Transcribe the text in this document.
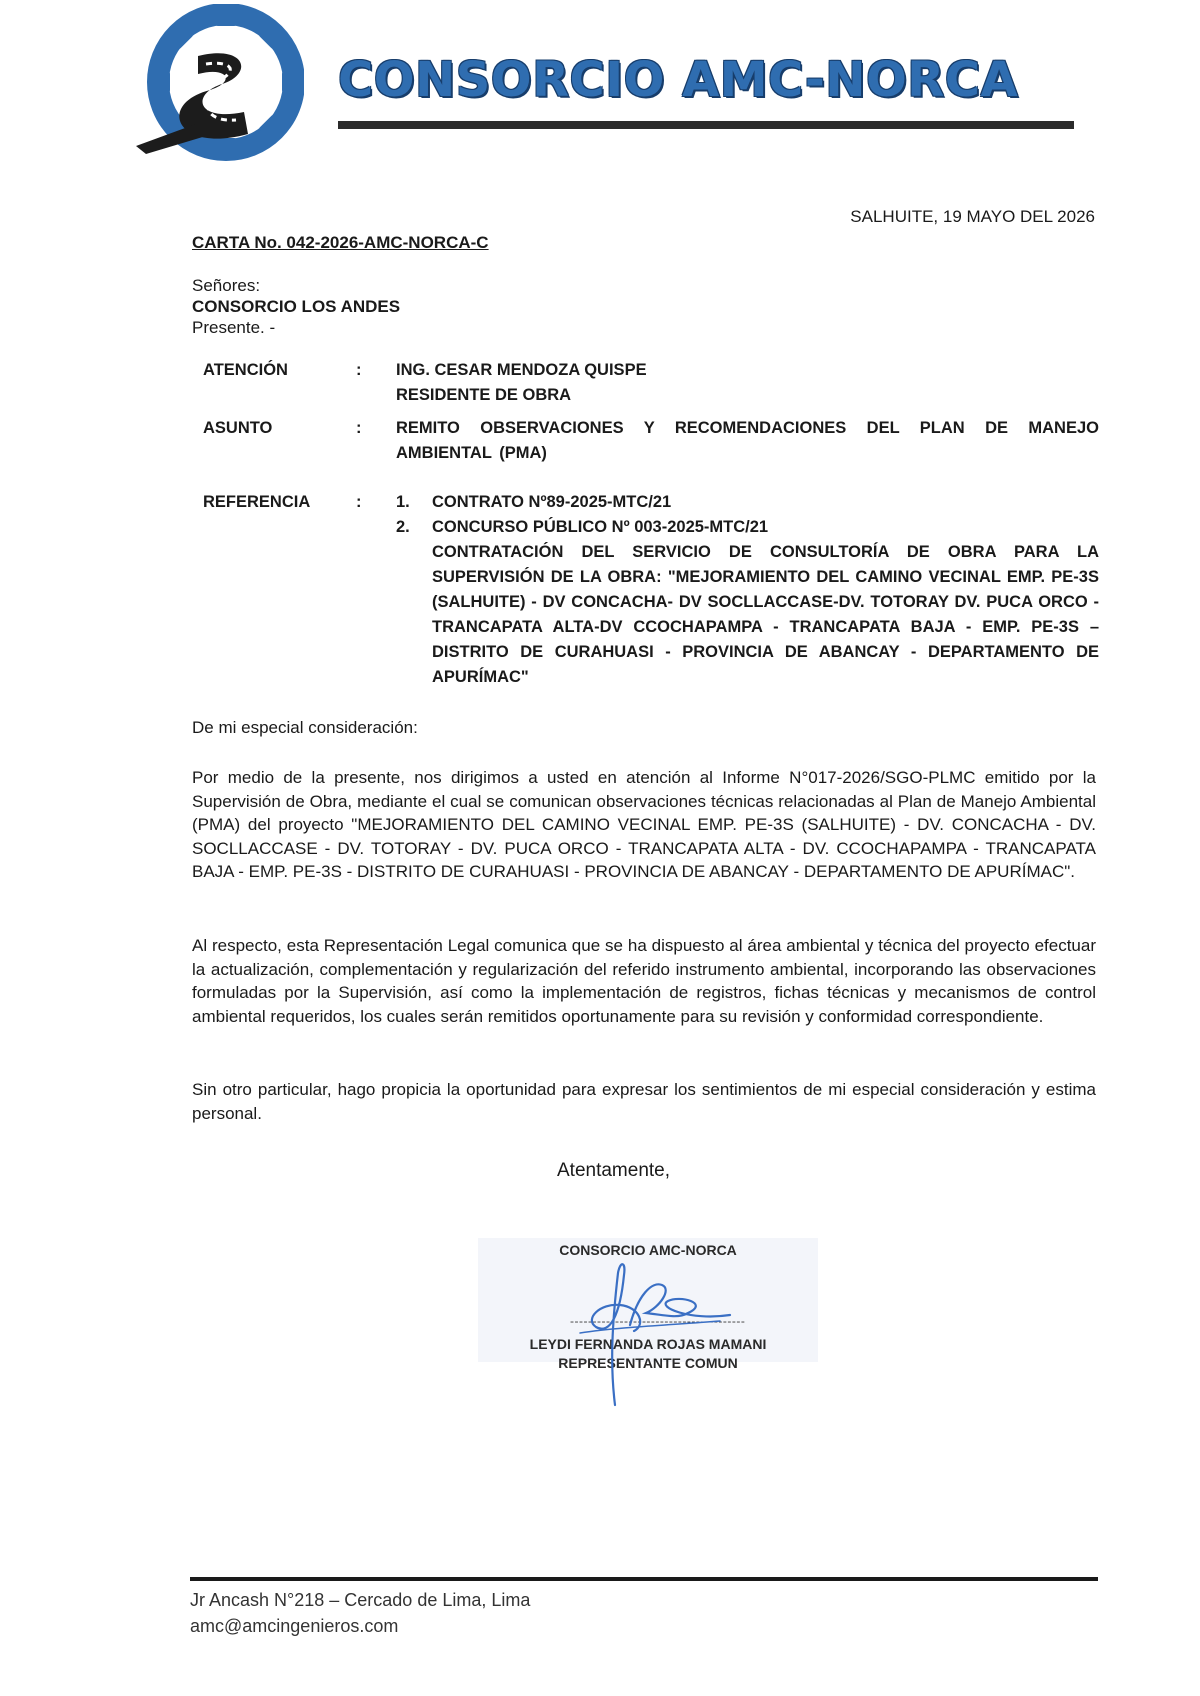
CONSORCIO AMC-NORCA
SALHUITE, 19 MAYO DEL 2026
CARTA No. 042-2026-AMC-NORCA-C
Señores:
CONSORCIO LOS ANDES
Presente. -
ATENCIÓN	: ING. CESAR MENDOZA QUISPE
RESIDENTE DE OBRA
ASUNTO	: REMITO OBSERVACIONES Y RECOMENDACIONES DEL PLAN DE MANEJO AMBIENTAL (PMA)
REFERENCIA	: 1. CONTRATO Nº89-2025-MTC/21
2. CONCURSO PÚBLICO Nº 003-2025-MTC/21
CONTRATACIÓN DEL SERVICIO DE CONSULTORÍA DE OBRA PARA LA SUPERVISIÓN DE LA OBRA: "MEJORAMIENTO DEL CAMINO VECINAL EMP. PE-3S (SALHUITE) - DV CONCACHA- DV SOCLLACCASE-DV. TOTORAY DV. PUCA ORCO - TRANCAPATA ALTA-DV CCOCHAPAMPA - TRANCAPATA BAJA - EMP. PE-3S – DISTRITO DE CURAHUASI - PROVINCIA DE ABANCAY - DEPARTAMENTO DE APURÍMAC"
De mi especial consideración:
Por medio de la presente, nos dirigimos a usted en atención al Informe N°017-2026/SGO-PLMC emitido por la Supervisión de Obra, mediante el cual se comunican observaciones técnicas relacionadas al Plan de Manejo Ambiental (PMA) del proyecto "MEJORAMIENTO DEL CAMINO VECINAL EMP. PE-3S (SALHUITE) - DV. CONCACHA - DV. SOCLLACCASE - DV. TOTORAY - DV. PUCA ORCO - TRANCAPATA ALTA - DV. CCOCHAPAMPA - TRANCAPATA BAJA - EMP. PE-3S - DISTRITO DE CURAHUASI - PROVINCIA DE ABANCAY - DEPARTAMENTO DE APURÍMAC".
Al respecto, esta Representación Legal comunica que se ha dispuesto al área ambiental y técnica del proyecto efectuar la actualización, complementación y regularización del referido instrumento ambiental, incorporando las observaciones formuladas por la Supervisión, así como la implementación de registros, fichas técnicas y mecanismos de control ambiental requeridos, los cuales serán remitidos oportunamente para su revisión y conformidad correspondiente.
Sin otro particular, hago propicia la oportunidad para expresar los sentimientos de mi especial consideración y estima personal.
Atentamente,
CONSORCIO AMC-NORCA
---------------------------------------
LEYDI FERNANDA ROJAS MAMANI
REPRESENTANTE COMUN
Jr Ancash N°218 – Cercado de Lima, Lima
amc@amcingenieros.com
